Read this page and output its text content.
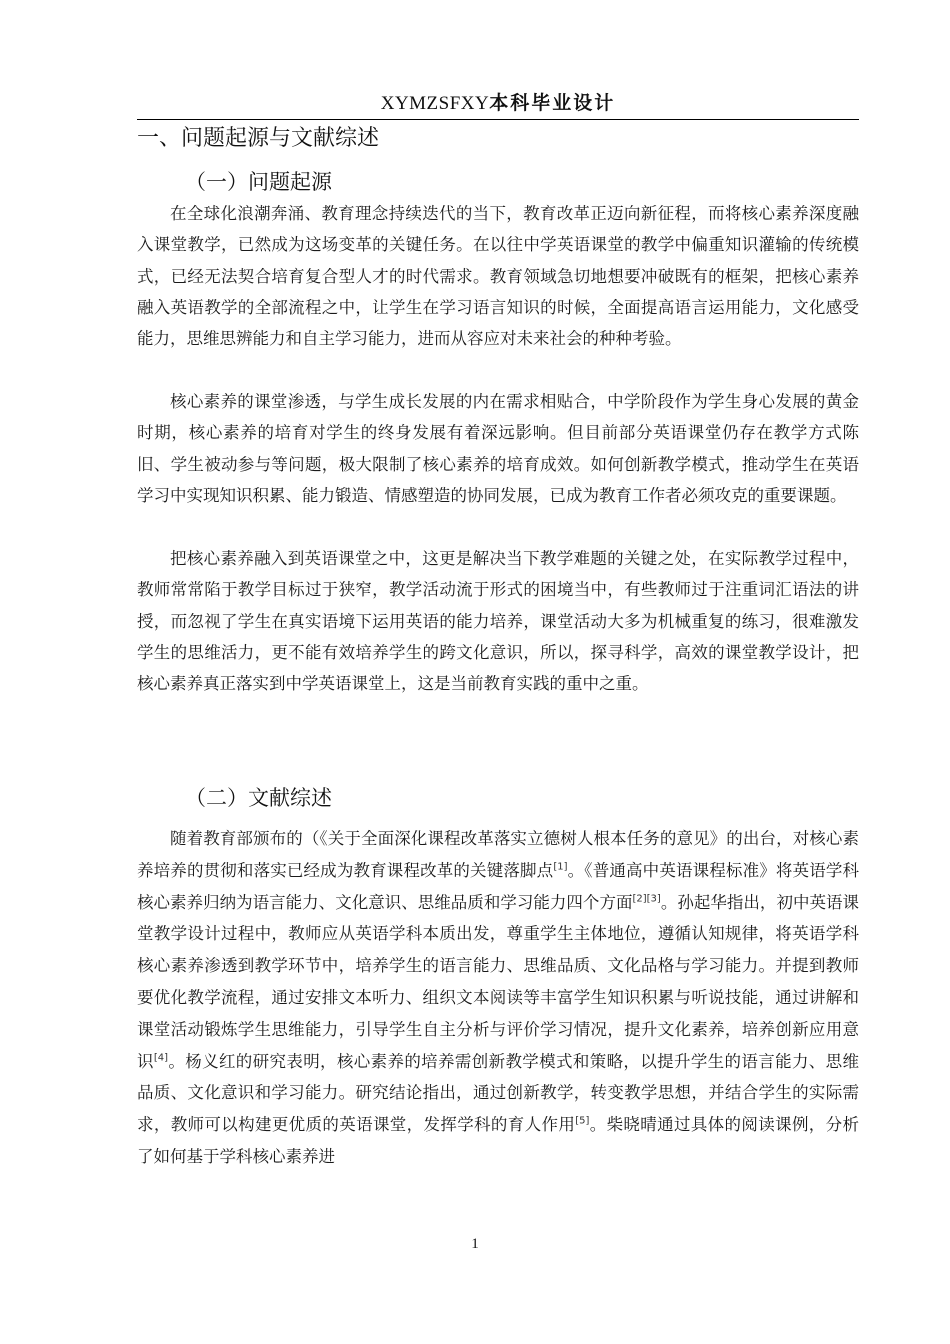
XYMZSFXY本科毕业设计
一、问题起源与文献综述
（一）问题起源

在全球化浪潮奔涌、教育理念持续迭代的当下，教育改革正迈向新征程，而将核心素养深度融入课堂教学，已然成为这场变革的关键任务。在以往中学英语课堂的教学中偏重知识灌输的传统模式，已经无法契合培育复合型人才的时代需求。教育领域急切地想要冲破既有的框架，把核心素养融入英语教学的全部流程之中，让学生在学习语言知识的时候，全面提高语言运用能力，文化感受能力，思维思辨能力和自主学习能力，进而从容应对未来社会的种种考验。

核心素养的课堂渗透，与学生成长发展的内在需求相贴合，中学阶段作为学生身心发展的黄金时期，核心素养的培育对学生的终身发展有着深远影响。但目前部分英语课堂仍存在教学方式陈旧、学生被动参与等问题，极大限制了核心素养的培育成效。如何创新教学模式，推动学生在英语学习中实现知识积累、能力锻造、情感塑造的协同发展，已成为教育工作者必须攻克的重要课题。

把核心素养融入到英语课堂之中，这更是解决当下教学难题的关键之处，在实际教学过程中，教师常常陷于教学目标过于狭窄，教学活动流于形式的困境当中，有些教师过于注重词汇语法的讲授，而忽视了学生在真实语境下运用英语的能力培养，课堂活动大多为机械重复的练习，很难激发学生的思维活力，更不能有效培养学生的跨文化意识，所以，探寻科学，高效的课堂教学设计，把核心素养真正落实到中学英语课堂上，这是当前教育实践的重中之重。

（二）文献综述

随着教育部颁布的（《关于全面深化课程改革落实立德树人根本任务的意见》的出台，对核心素养培养的贯彻和落实已经成为教育课程改革的关键落脚点[1]。《普通高中英语课程标准》将英语学科核心素养归纳为语言能力、文化意识、思维品质和学习能力四个方面[2][3]。孙起华指出，初中英语课堂教学设计过程中，教师应从英语学科本质出发，尊重学生主体地位，遵循认知规律，将英语学科核心素养渗透到教学环节中，培养学生的语言能力、思维品质、文化品格与学习能力。并提到教师要优化教学流程，通过安排文本听力、组织文本阅读等丰富学生知识积累与听说技能，通过讲解和课堂活动锻炼学生思维能力，引导学生自主分析与评价学习情况，提升文化素养，培养创新应用意识[4]。杨义红的研究表明，核心素养的培养需创新教学模式和策略，以提升学生的语言能力、思维品质、文化意识和学习能力。研究结论指出，通过创新教学，转变教学思想，并结合学生的实际需求，教师可以构建更优质的英语课堂，发挥学科的育人作用[5]。柴晓晴通过具体的阅读课例，分析了如何基于学科核心素养进

1
